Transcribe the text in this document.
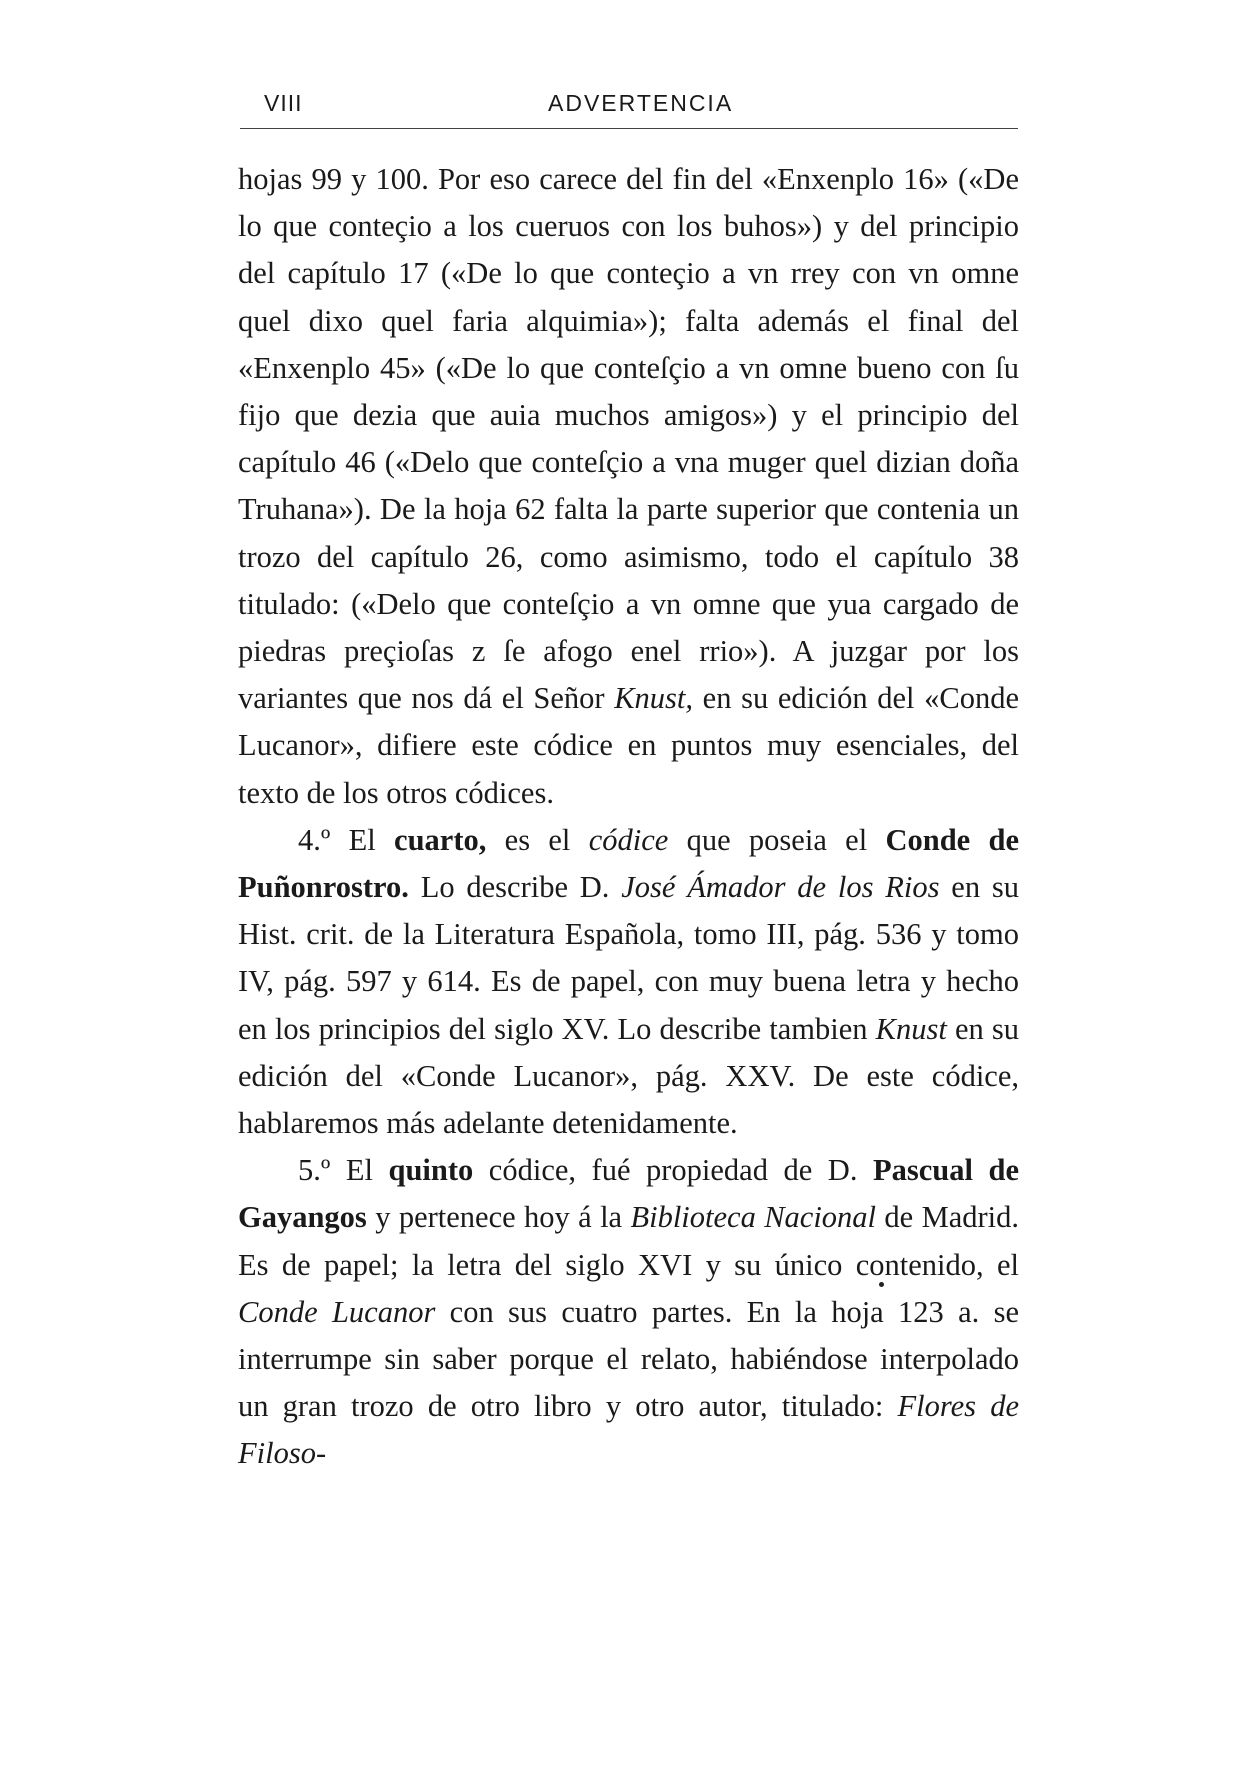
VIII	ADVERTENCIA

hojas 99 y 100. Por eso carece del fin del «Enxenplo 16» («De lo que conteçio a los cueruos con los buhos») y del principio del capítulo 17 («De lo que conteçio a vn rrey con vn omne quel dixo quel faria alquimia»); falta además el final del «Enxenplo 45» («De lo que conteſçio a vn omne bueno con ſu fijo que dezia que auia muchos amigos») y el principio del capítulo 46 («Delo que conteſçio a vna muger quel dizian doña Truhana»). De la hoja 62 falta la parte superior que contenia un trozo del capítulo 26, como asimismo, todo el capítulo 38 titulado: («Delo que conteſçio a vn omne que yua cargado de piedras preçioſas z ſe afogo enel rrio»). A juzgar por los variantes que nos dá el Señor Knust, en su edición del «Conde Lucanor», difiere este códice en puntos muy esenciales, del texto de los otros códices.

4.º El cuarto, es el códice que poseia el Conde de Puñonrostro. Lo describe D. José Ámador de los Rios en su Hist. crit. de la Literatura Española, tomo III, pág. 536 y tomo IV, pág. 597 y 614. Es de papel, con muy buena letra y hecho en los principios del siglo XV. Lo describe tambien Knust en su edición del «Conde Lucanor», pág. XXV. De este códice, hablaremos más adelante detenidamente.

5.º El quinto códice, fué propiedad de D. Pascual de Gayangos y pertenece hoy á la Biblioteca Nacional de Madrid. Es de papel; la letra del siglo XVI y su único contenido, el Conde Lucanor con sus cuatro partes. En la hoja 123 a. se interrumpe sin saber porque el relato, habiéndose interpolado un gran trozo de otro libro y otro autor, titulado: Flores de Filoso-
